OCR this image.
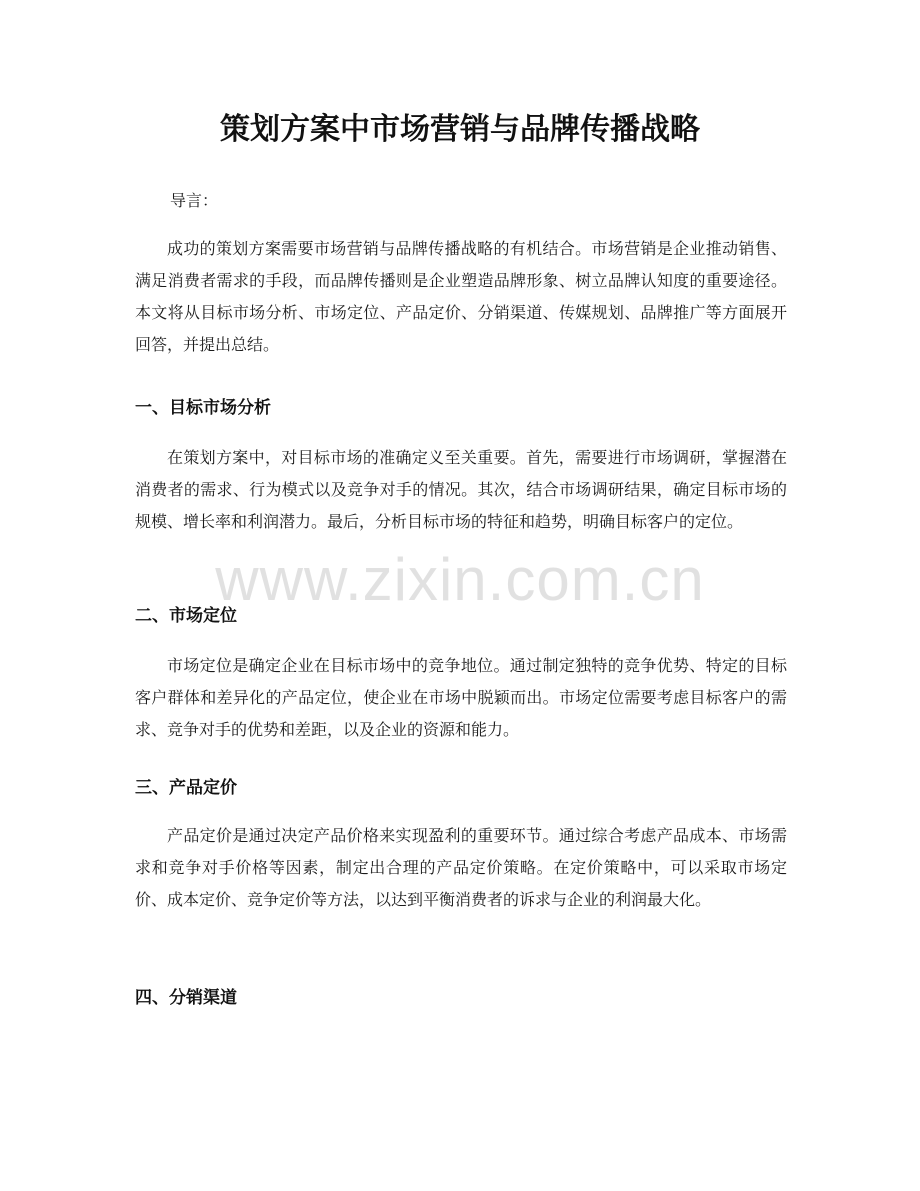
策划方案中市场营销与品牌传播战略
导言：

成功的策划方案需要市场营销与品牌传播战略的有机结合。市场营销是企业推动销售、满足消费者需求的手段，而品牌传播则是企业塑造品牌形象、树立品牌认知度的重要途径。本文将从目标市场分析、市场定位、产品定价、分销渠道、传媒规划、品牌推广等方面展开回答，并提出总结。

一、目标市场分析

在策划方案中，对目标市场的准确定义至关重要。首先，需要进行市场调研，掌握潜在消费者的需求、行为模式以及竞争对手的情况。其次，结合市场调研结果，确定目标市场的规模、增长率和利润潜力。最后，分析目标市场的特征和趋势，明确目标客户的定位。

二、市场定位

市场定位是确定企业在目标市场中的竞争地位。通过制定独特的竞争优势、特定的目标客户群体和差异化的产品定位，使企业在市场中脱颖而出。市场定位需要考虑目标客户的需求、竞争对手的优势和差距，以及企业的资源和能力。

三、产品定价

产品定价是通过决定产品价格来实现盈利的重要环节。通过综合考虑产品成本、市场需求和竞争对手价格等因素，制定出合理的产品定价策略。在定价策略中，可以采取市场定价、成本定价、竞争定价等方法，以达到平衡消费者的诉求与企业的利润最大化。

四、分销渠道
www.zixin.com.cn
